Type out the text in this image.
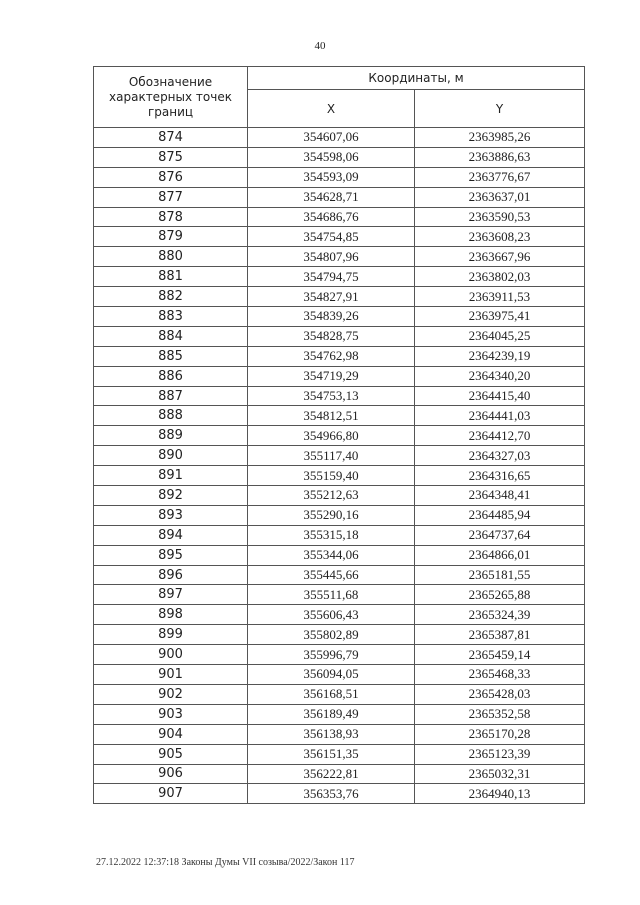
40
Обозначение характерных точек границ	Координаты, м	
	X	Y
874	354607,06	2363985,26
875	354598,06	2363886,63
876	354593,09	2363776,67
877	354628,71	2363637,01
878	354686,76	2363590,53
879	354754,85	2363608,23
880	354807,96	2363667,96
881	354794,75	2363802,03
882	354827,91	2363911,53
883	354839,26	2363975,41
884	354828,75	2364045,25
885	354762,98	2364239,19
886	354719,29	2364340,20
887	354753,13	2364415,40
888	354812,51	2364441,03
889	354966,80	2364412,70
890	355117,40	2364327,03
891	355159,40	2364316,65
892	355212,63	2364348,41
893	355290,16	2364485,94
894	355315,18	2364737,64
895	355344,06	2364866,01
896	355445,66	2365181,55
897	355511,68	2365265,88
898	355606,43	2365324,39
899	355802,89	2365387,81
900	355996,79	2365459,14
901	356094,05	2365468,33
902	356168,51	2365428,03
903	356189,49	2365352,58
904	356138,93	2365170,28
905	356151,35	2365123,39
906	356222,81	2365032,31
907	356353,76	2364940,13
27.12.2022 12:37:18 Законы Думы VII созыва/2022/Закон 117
